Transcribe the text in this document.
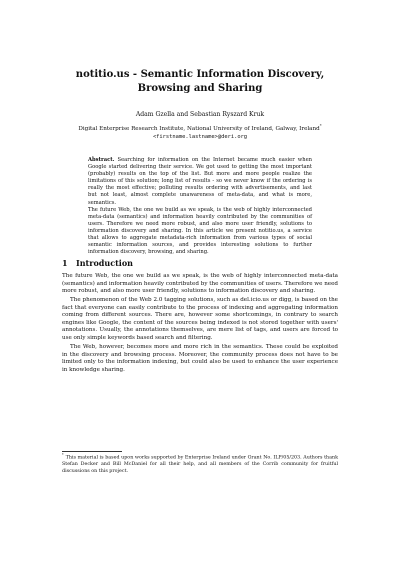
notitio.us - Semantic Information Discovery,
Browsing and Sharing
Adam Gzella and Sebastian Ryszard Kruk
Digital Enterprise Research Institute, National University of Ireland, Galway, Ireland*
<firstname.lastname>@deri.org

Abstract. Searching for information on the Internet became much easier when Google started delivering their service. We got used to getting the most important (probably) results on the top of the list. But more and more people realize the limitations of this solution; long list of results - so we never know if the ordering is really the most effective; polluting results ordering with advertisements, and last but not least, almost complete unawareness of meta-data, and what is more, semantics.

The future Web, the one we build as we speak, is the web of highly interconnected meta-data (semantics) and information heavily contributed by the communities of users. Therefore we need more robust, and also more user friendly, solutions to information discovery and sharing. In this article we present notitio.us, a service that allows to aggregate metadata-rich information from various types of social semantic information sources, and provides interesting solutions to further information discovery, browsing, and sharing.

1 Introduction

The future Web, the one we build as we speak, is the web of highly interconnected meta-data (semantics) and information heavily contributed by the communities of users. Therefore we need more robust, and also more user friendly, solutions to information discovery and sharing.

The phenomenon of the Web 2.0 tagging solutions, such as del.icio.us or digg, is based on the fact that everyone can easily contribute to the process of indexing and aggregating information coming from different sources. There are, however some shortcomings, in contrary to search engines like Google, the content of the sources being indexed is not stored together with users' annotations. Usually, the annotations themselves, are mere list of tags, and users are forced to use only simple keywords based search and filtering.

The Web, however, becomes more and more rich in the semantics. These could be exploited in the discovery and browsing process. Moreover, the community process does not have to be limited only to the information indexing, but could also be used to enhance the user experience in knowledge sharing.

*This material is based upon works supported by Enterprise Ireland under Grant No. ILP/05/203. Authors thank Stefan Decker and Bill McDaniel for all their help, and all members of the Corrib community for fruitful discussions on this project.
